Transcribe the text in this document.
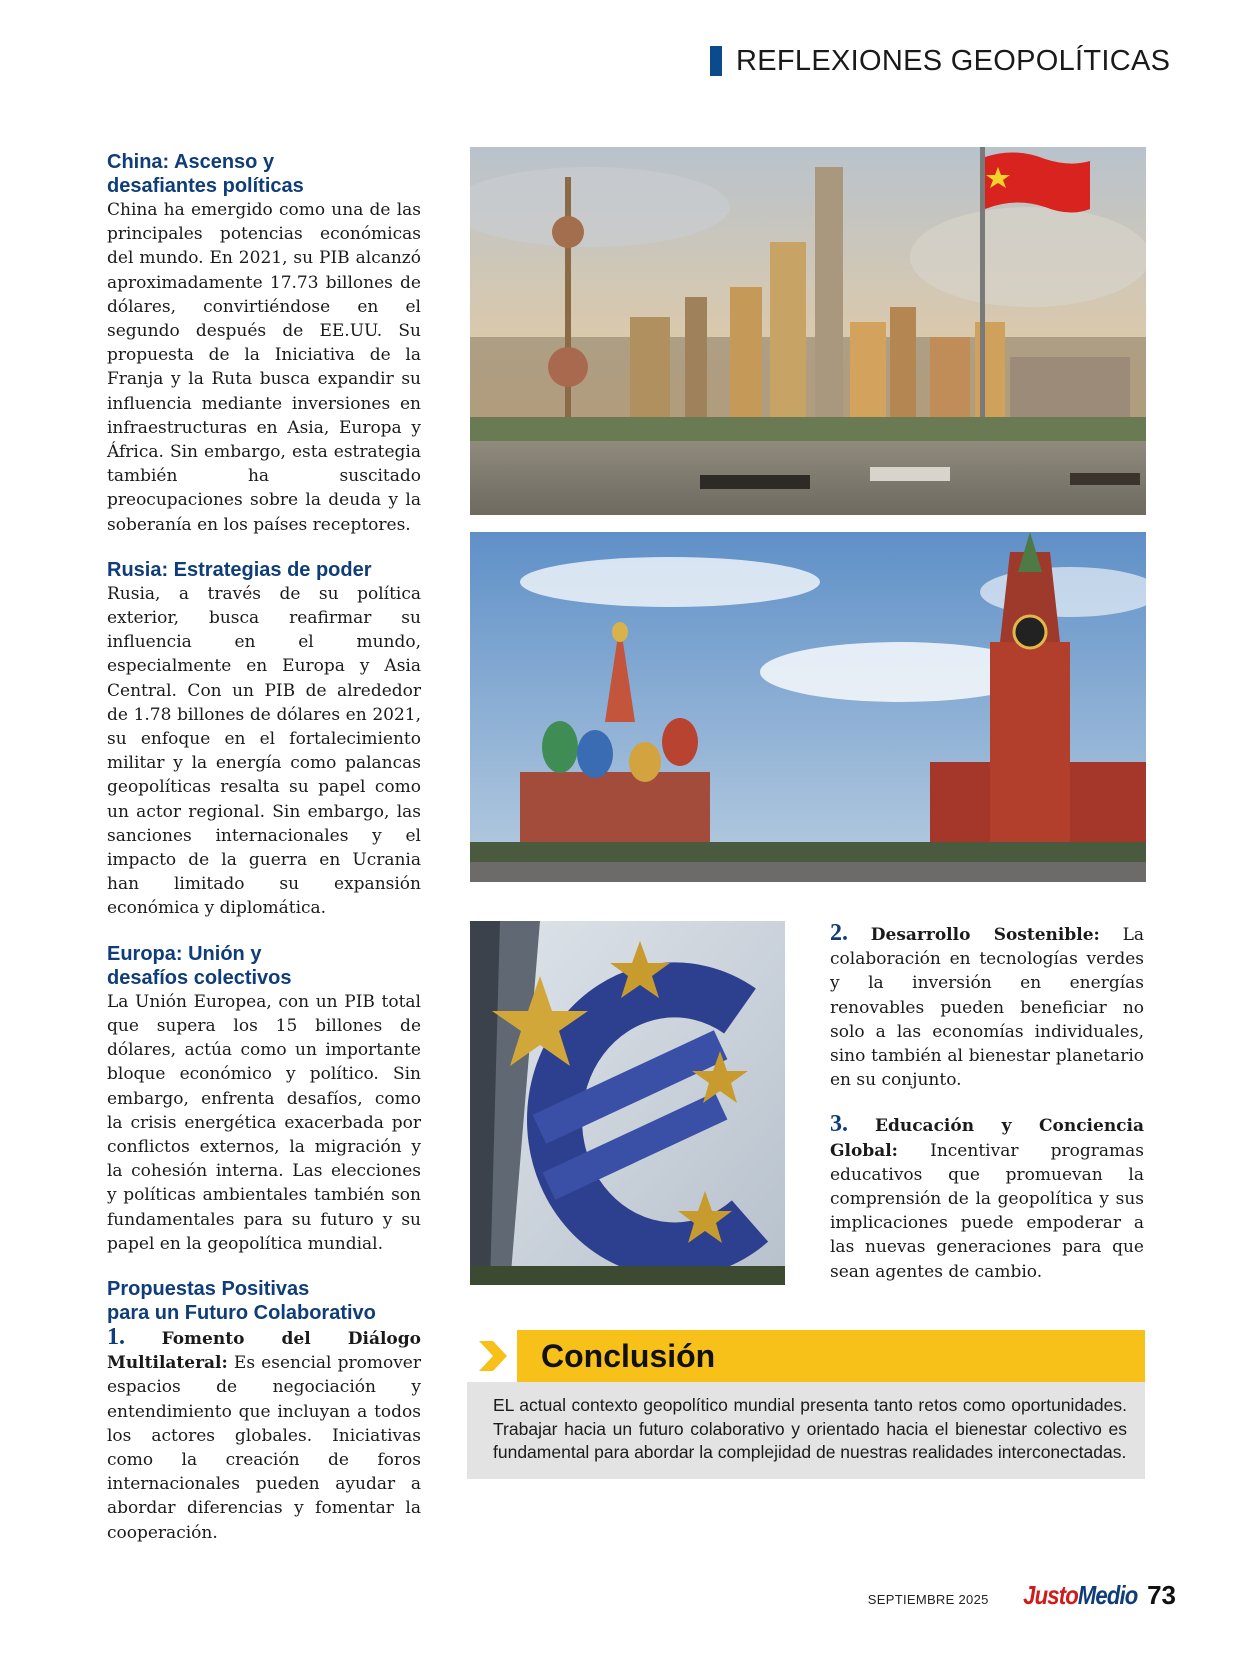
REFLEXIONES GEOPOLÍTICAS
China: Ascenso y
desafiantes políticas

China ha emergido como una de las principales potencias económicas del mundo. En 2021, su PIB alcanzó aproximadamente 17.73 billones de dólares, convirtiéndose en el segundo después de EE.UU. Su propuesta de la Iniciativa de la Franja y la Ruta busca expandir su influencia mediante inversiones en infraestructuras en Asia, Europa y África. Sin embargo, esta estrategia también ha suscitado preocupaciones sobre la deuda y la soberanía en los países receptores.

Rusia: Estrategias de poder

Rusia, a través de su política exterior, busca reafirmar su influencia en el mundo, especialmente en Europa y Asia Central. Con un PIB de alrededor de 1.78 billones de dólares en 2021, su enfoque en el fortalecimiento militar y la energía como palancas geopolíticas resalta su papel como un actor regional. Sin embargo, las sanciones internacionales y el impacto de la guerra en Ucrania han limitado su expansión económica y diplomática.

Europa: Unión y
desafíos colectivos

La Unión Europea, con un PIB total que supera los 15 billones de dólares, actúa como un importante bloque económico y político. Sin embargo, enfrenta desafíos, como la crisis energética exacerbada por conflictos externos, la migración y la cohesión interna. Las elecciones y políticas ambientales también son fundamentales para su futuro y su papel en la geopolítica mundial.

Propuestas Positivas
para un Futuro Colaborativo

1. Fomento del Diálogo Multilateral: Es esencial promover espacios de negociación y entendimiento que incluyan a todos los actores globales. Iniciativas como la creación de foros internacionales pueden ayudar a abordar diferencias y fomentar la cooperación.

2. Desarrollo Sostenible: La colaboración en tecnologías verdes y la inversión en energías renovables pueden beneficiar no solo a las economías individuales, sino también al bienestar planetario en su conjunto.

3. Educación y Conciencia Global: Incentivar programas educativos que promuevan la comprensión de la geopolítica y sus implicaciones puede empoderar a las nuevas generaciones para que sean agentes de cambio.

Conclusión

EL actual contexto geopolítico mundial presenta tanto retos como oportunidades. Trabajar hacia un futuro colaborativo y orientado hacia el bienestar colectivo es fundamental para abordar la complejidad de nuestras realidades interconectadas.

SEPTIEMBRE 2025 JustoMedio 73
